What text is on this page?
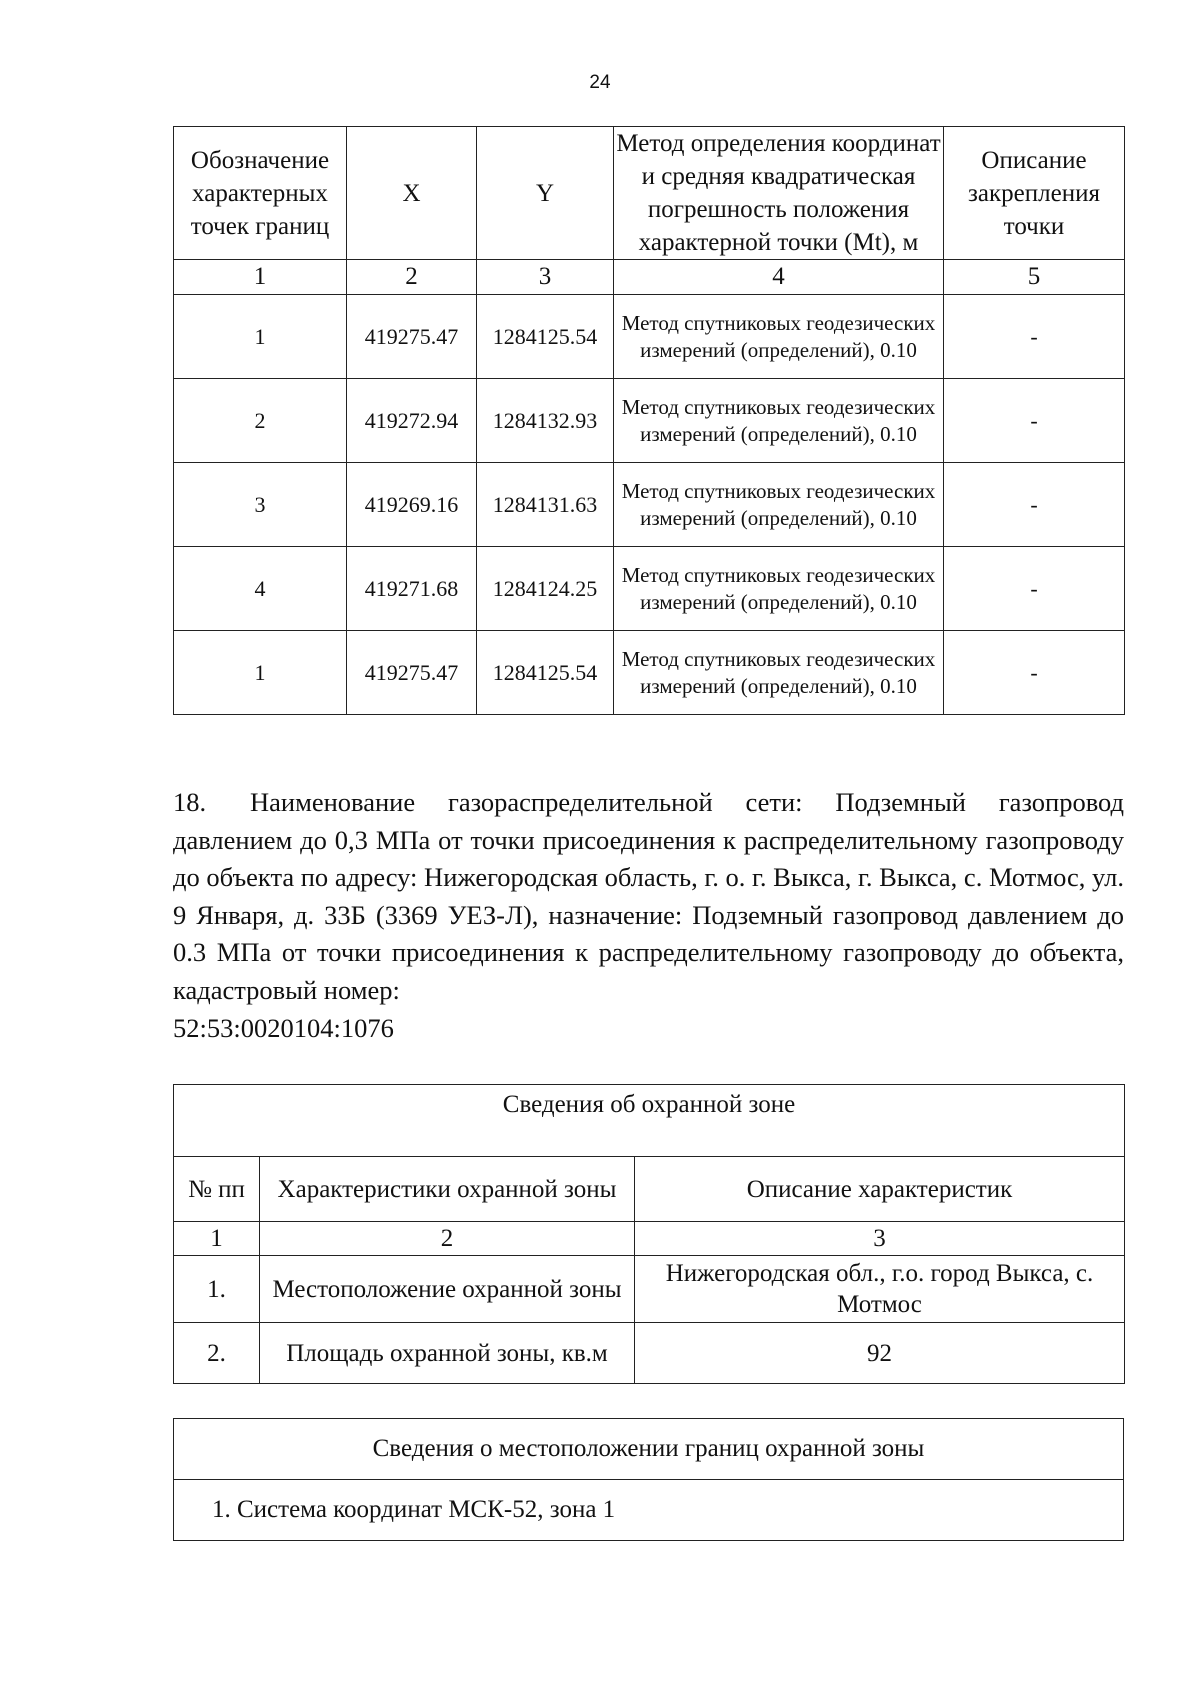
24
Обозначение характерных точек границ	X	Y	Метод определения координат и средняя квадратическая погрешность положения характерной точки (Mt), м	Описание закрепления точки
1	2	3	4	5
1	419275.47	1284125.54	Метод спутниковых геодезических измерений (определений), 0.10	-
2	419272.94	1284132.93	Метод спутниковых геодезических измерений (определений), 0.10	-
3	419269.16	1284131.63	Метод спутниковых геодезических измерений (определений), 0.10	-
4	419271.68	1284124.25	Метод спутниковых геодезических измерений (определений), 0.10	-
1	419275.47	1284125.54	Метод спутниковых геодезических измерений (определений), 0.10	-

18. Наименование газораспределительной сети: Подземный газопровод давлением до 0,3 МПа от точки присоединения к распределительному газопроводу до объекта по адресу: Нижегородская область, г. о. г. Выкса, г. Выкса, с. Мотмос, ул. 9 Января, д. 33Б (3369 УЕЗ-Л), назначение: Подземный газопровод давлением до 0.3 МПа от точки присоединения к распределительному газопроводу до объекта, кадастровый номер:
52:53:0020104:1076

Сведения об охранной зоне		
№ пп	Характеристики охранной зоны	Описание характеристик
1	2	3
1.	Местоположение охранной зоны	Нижегородская обл., г.о. город Выкса, с. Мотмос
2.	Площадь охранной зоны, кв.м	92
Сведения о местоположении границ охранной зоны
1. Система координат МСК-52, зона 1
